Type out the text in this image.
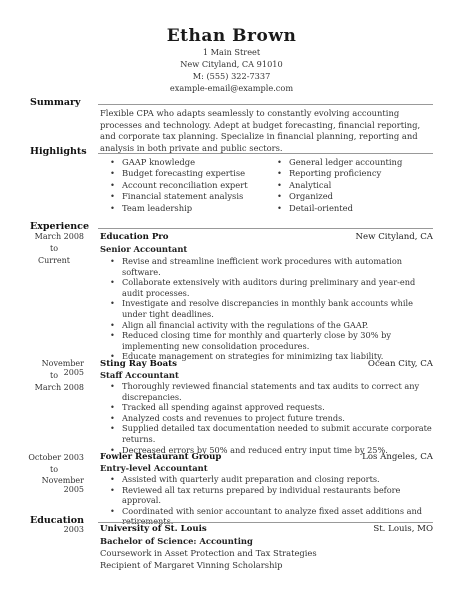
Ethan Brown
1 Main Street
New Cityland, CA 91010
M: (555) 322-7337
example-email@example.com
Summary
Flexible CPA who adapts seamlessly to constantly evolving accounting processes and technology. Adept at budget forecasting, financial reporting, and corporate tax planning. Specialize in financial planning, reporting and analysis in both private and public sectors.
Highlights
• GAAP knowledge
• Budget forecasting expertise
• Account reconciliation expert
• Financial statement analysis
• Team leadership
• General ledger accounting
• Reporting proficiency
• Analytical
• Organized
• Detail-oriented
Experience
March 2008
to
Current
Education Pro	New Cityland, CA
Senior Accountant
• Revise and streamline inefficient work procedures with automation software.
• Collaborate extensively with auditors during preliminary and year-end audit processes.
• Investigate and resolve discrepancies in monthly bank accounts while under tight deadlines.
• Align all financial activity with the regulations of the GAAP.
• Reduced closing time for monthly and quarterly close by 30% by implementing new consolidation procedures.
• Educate management on strategies for minimizing tax liability.
November 2005
to
March 2008
Sting Ray Boats	Ocean City, CA
Staff Accountant
• Thoroughly reviewed financial statements and tax audits to correct any discrepancies.
• Tracked all spending against approved requests.
• Analyzed costs and revenues to project future trends.
• Supplied detailed tax documentation needed to submit accurate corporate returns.
• Decreased errors by 50% and reduced entry input time by 25%.
October 2003
to
November 2005
Fowler Restaurant Group	Los Angeles, CA
Entry-level Accountant
• Assisted with quarterly audit preparation and closing reports.
• Reviewed all tax returns prepared by individual restaurants before approval.
• Coordinated with senior accountant to analyze fixed asset additions and retirements.
Education
2003 University of St. Louis	St. Louis, MO
Bachelor of Science: Accounting
Coursework in Asset Protection and Tax Strategies
Recipient of Margaret Vinning Scholarship
